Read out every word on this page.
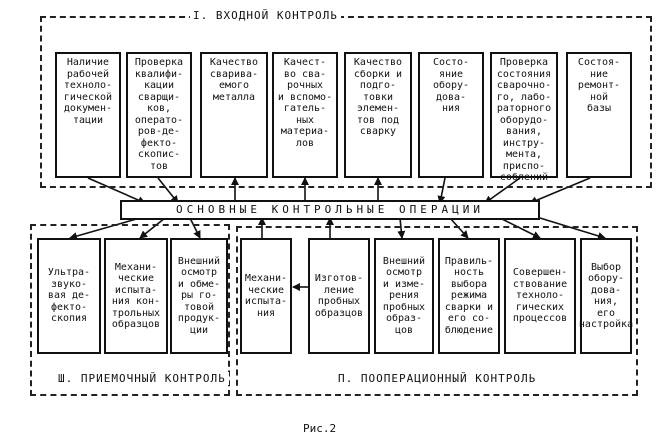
I. ВХОДНОЙ КОНТРОЛЬ
Наличие
рабочей
техноло-
гической
докумен-
тации
Проверка
квалифи-
кации
сварщи-
ков,
операто-
ров-де-
фекто-
скопис-
тов
Качество
сварива-
емого
металла
Качест-
во сва-
рочных
и вспомо-
гатель-
ных
материа-
лов
Качество
сборки и
подго-
товки
элемен-
тов под
сварку
Состо-
яние
обору-
дова-
ния
Проверка
состояния
сварочно-
го, лабо-
раторного
оборудо-
вания,
инстру-
мента,
приспо-
соблений
Состоя-
ние
ремонт-
ной
базы
ОСНОВНЫЕ КОНТРОЛЬНЫЕ ОПЕРАЦИИ
Ш. ПРИЕМОЧНЫЙ КОНТРОЛЬ
Ультра-
звуко-
вая де-
фекто-
скопия
Механи-
ческие
испыта-
ния кон-
трольных
образцов
Внешний
осмотр
и обме-
ры го-
товой
продук-
ции
П. ПООПЕРАЦИОННЫЙ КОНТРОЛЬ
Механи-
ческие
испыта-
ния
Изготов-
ление
пробных
образцов
Внешний
осмотр
и изме-
рения
пробных
образ-
цов
Правиль-
ность
выбора
режима
сварки и
его со-
блюдение
Совершен-
ствование
техноло-
гических
процессов
Выбор
обору-
дова-
ния,
его
настройка
Рис.2
